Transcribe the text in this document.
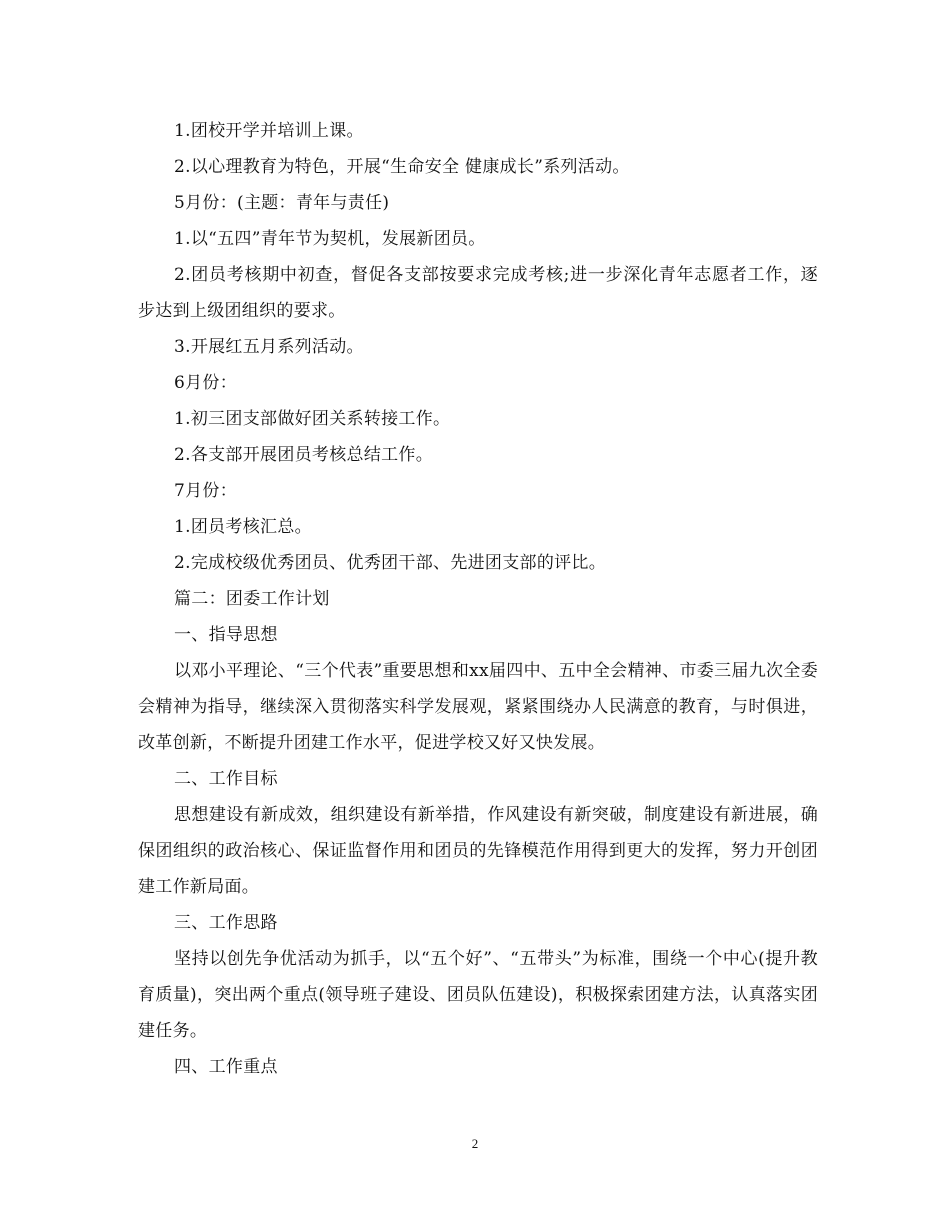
1.团校开学并培训上课。

2.以心理教育为特色，开展“生命安全 健康成长”系列活动。

5月份：(主题：青年与责任)

1.以“五四”青年节为契机，发展新团员。

2.团员考核期中初查，督促各支部按要求完成考核;进一步深化青年志愿者工作，逐步达到上级团组织的要求。

3.开展红五月系列活动。

6月份：

1.初三团支部做好团关系转接工作。

2.各支部开展团员考核总结工作。

7月份：

1.团员考核汇总。

2.完成校级优秀团员、优秀团干部、先进团支部的评比。

篇二：团委工作计划

一、指导思想

以邓小平理论、“三个代表”重要思想和xx届四中、五中全会精神、市委三届九次全委会精神为指导，继续深入贯彻落实科学发展观，紧紧围绕办人民满意的教育，与时俱进，改革创新，不断提升团建工作水平，促进学校又好又快发展。

二、工作目标

思想建设有新成效，组织建设有新举措，作风建设有新突破，制度建设有新进展，确保团组织的政治核心、保证监督作用和团员的先锋模范作用得到更大的发挥，努力开创团建工作新局面。

三、工作思路

坚持以创先争优活动为抓手，以“五个好”、“五带头”为标准，围绕一个中心(提升教育质量)，突出两个重点(领导班子建设、团员队伍建设)，积极探索团建方法，认真落实团建任务。

四、工作重点

2
